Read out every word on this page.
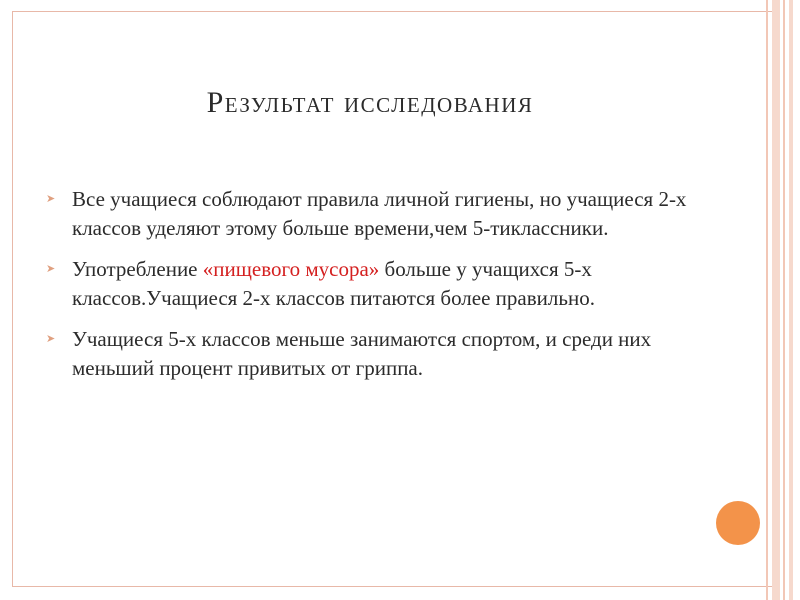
Результат исследования
➤ Все учащиеся соблюдают правила личной гигиены, но учащиеся 2-х классов уделяют этому больше времени,чем 5-тиклассники.
➤ Употребление «пищевого мусора» больше у учащихся 5-х классов.Учащиеся 2-х классов питаются более правильно.
➤ Учащиеся 5-х классов меньше занимаются спортом, и среди них меньший процент привитых от гриппа.
